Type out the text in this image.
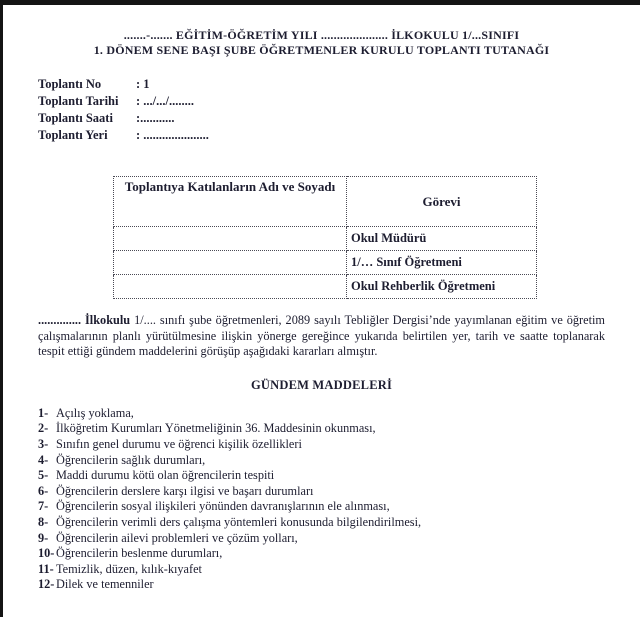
.......-....... EĞİTİM-ÖĞRETİM YILI ..................... İLKOKULU 1/...SINIFI
1. DÖNEM SENE BAŞI ŞUBE ÖĞRETMENLER KURULU TOPLANTI TUTANAĞI
Toplantı No	: 1
Toplantı Tarihi	: .../.../........
Toplantı Saati	:...........
Toplantı Yeri	: .....................
Toplantıya Katılanların Adı ve Soyadı	Görevi
	Okul Müdürü
	1/… Sınıf Öğretmeni
	Okul Rehberlik Öğretmeni

.............. İlkokulu 1/.... sınıfı şube öğretmenleri, 2089 sayılı Tebliğler Dergisi’nde yayımlanan eğitim ve öğretim çalışmalarının planlı yürütülmesine ilişkin yönerge gereğince yukarıda belirtilen yer, tarih ve saatte toplanarak tespit ettiği gündem maddelerini görüşüp aşağıdaki kararları almıştır.

GÜNDEM MADDELERİ
1- Açılış yoklama,
2- İlköğretim Kurumları Yönetmeliğinin 36. Maddesinin okunması,
3- Sınıfın genel durumu ve öğrenci kişilik özellikleri
4- Öğrencilerin sağlık durumları,
5- Maddi durumu kötü olan öğrencilerin tespiti
6- Öğrencilerin derslere karşı ilgisi ve başarı durumları
7- Öğrencilerin sosyal ilişkileri yönünden davranışlarının ele alınması,
8- Öğrencilerin verimli ders çalışma yöntemleri konusunda bilgilendirilmesi,
9- Öğrencilerin ailevi problemleri ve çözüm yolları,
10- Öğrencilerin beslenme durumları,
11- Temizlik, düzen, kılık-kıyafet
12- Dilek ve temenniler
